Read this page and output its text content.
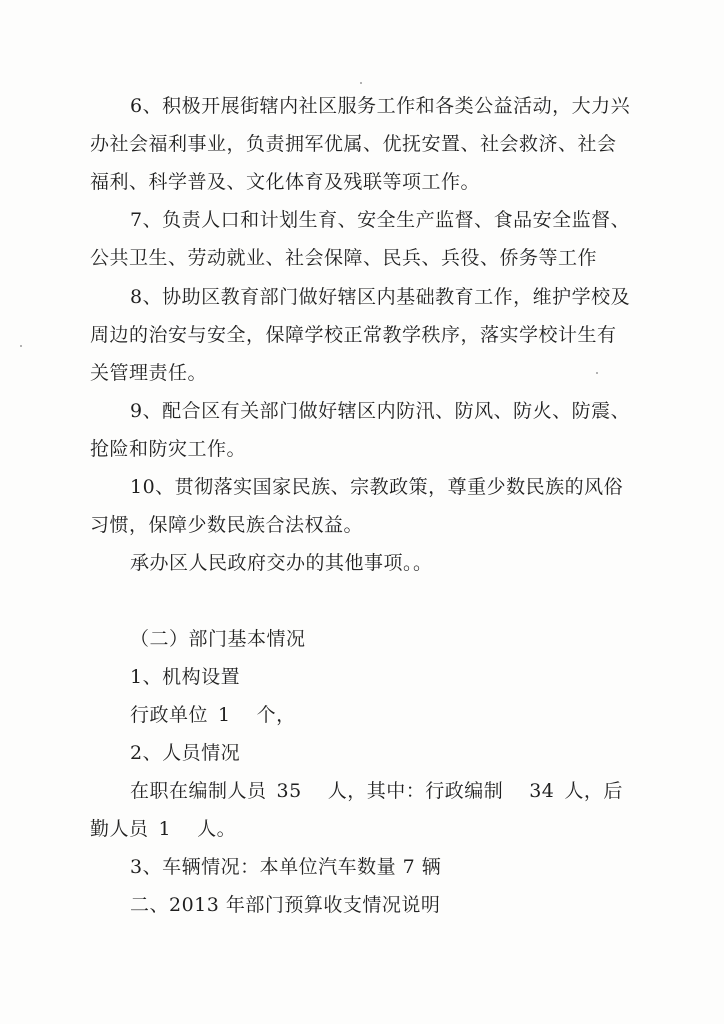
6、积极开展街辖内社区服务工作和各类公益活动，大力兴
办社会福利事业，负责拥军优属、优抚安置、社会救济、社会
福利、科学普及、文化体育及残联等项工作。
7、负责人口和计划生育、安全生产监督、食品安全监督、
公共卫生、劳动就业、社会保障、民兵、兵役、侨务等工作
8、协助区教育部门做好辖区内基础教育工作，维护学校及
周边的治安与安全，保障学校正常教学秩序，落实学校计生有
关管理责任。
9、配合区有关部门做好辖区内防汛、防风、防火、防震、
抢险和防灾工作。
10、贯彻落实国家民族、宗教政策，尊重少数民族的风俗
习惯，保障少数民族合法权益。
承办区人民政府交办的其他事项。。
（二）部门基本情况
1、机构设置
行政单位 1 个，
2、人员情况
在职在编制人员 35 人，其中：行政编制 34 人，后
勤人员 1 人。
3、车辆情况：本单位汽车数量 7 辆
二、2013 年部门预算收支情况说明
